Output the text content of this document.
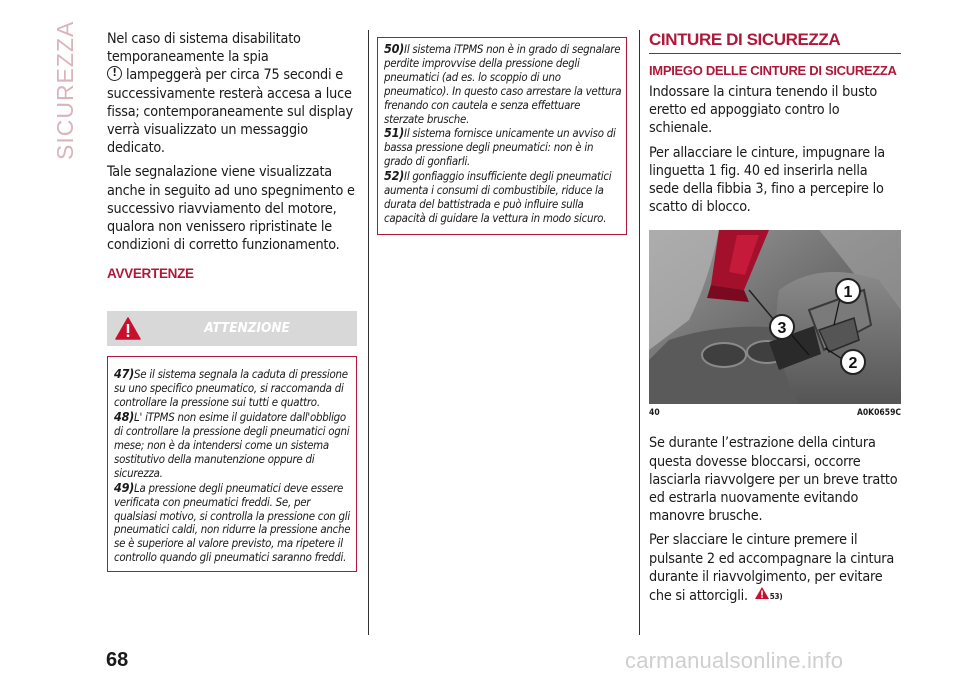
SICUREZZA	Nel caso di sistema disabilitato temporaneamente la spia
!lampeggerà per circa 75 secondi e successivamente resterà accesa a luce fissa; contemporaneamente sul display verrà visualizzato un messaggio dedicato.
Tale segnalazione viene visualizzata anche in seguito ad uno spegnimento e successivo riavviamento del motore, qualora non venissero ripristinate le condizioni di corretto funzionamento.
AVVERTENZE
ATTENZIONE
47)Se il sistema segnala la caduta di pressione su uno specifico pneumatico, si raccomanda di controllare la pressione sui tutti e quattro.
48)L' iTPMS non esime il guidatore dall'obbligo di controllare la pressione degli pneumatici ogni mese; non è da intendersi come un sistema sostitutivo della manutenzione oppure di sicurezza.
49)La pressione degli pneumatici deve essere verificata con pneumatici freddi. Se, per qualsiasi motivo, si controlla la pressione con gli pneumatici caldi, non ridurre la pressione anche se è superiore al valore previsto, ma ripetere il controllo quando gli pneumatici saranno freddi.
50)Il sistema iTPMS non è in grado di segnalare perdite improvvise della pressione degli pneumatici (ad es. lo scoppio di uno pneumatico). In questo caso arrestare la vettura frenando con cautela e senza effettuare sterzate brusche.
51)Il sistema fornisce unicamente un avviso di bassa pressione degli pneumatici: non è in grado di gonfiarli.
52)Il gonfiaggio insufficiente degli pneumatici aumenta i consumi di combustibile, riduce la durata del battistrada e può influire sulla capacità di guidare la vettura in modo sicuro.
CINTURE DI SICUREZZA
IMPIEGO DELLE CINTURE DI SICUREZZA
Indossare la cintura tenendo il busto eretto ed appoggiato contro lo schienale.
Per allacciare le cinture, impugnare la linguetta 1 fig. 40 ed inserirla nella sede della fibbia 3, fino a percepire lo scatto di blocco.
1
2
3
40	A0K0659C
Se durante l’estrazione della cintura questa dovesse bloccarsi, occorre lasciarla riavvolgere per un breve tratto ed estrarla nuovamente evitando manovre brusche.
Per slacciare le cinture premere il pulsante 2 ed accompagnare la cintura durante il riavvolgimento, per evitare che si attorcigli.	53)
68	carmanualsonline.info
